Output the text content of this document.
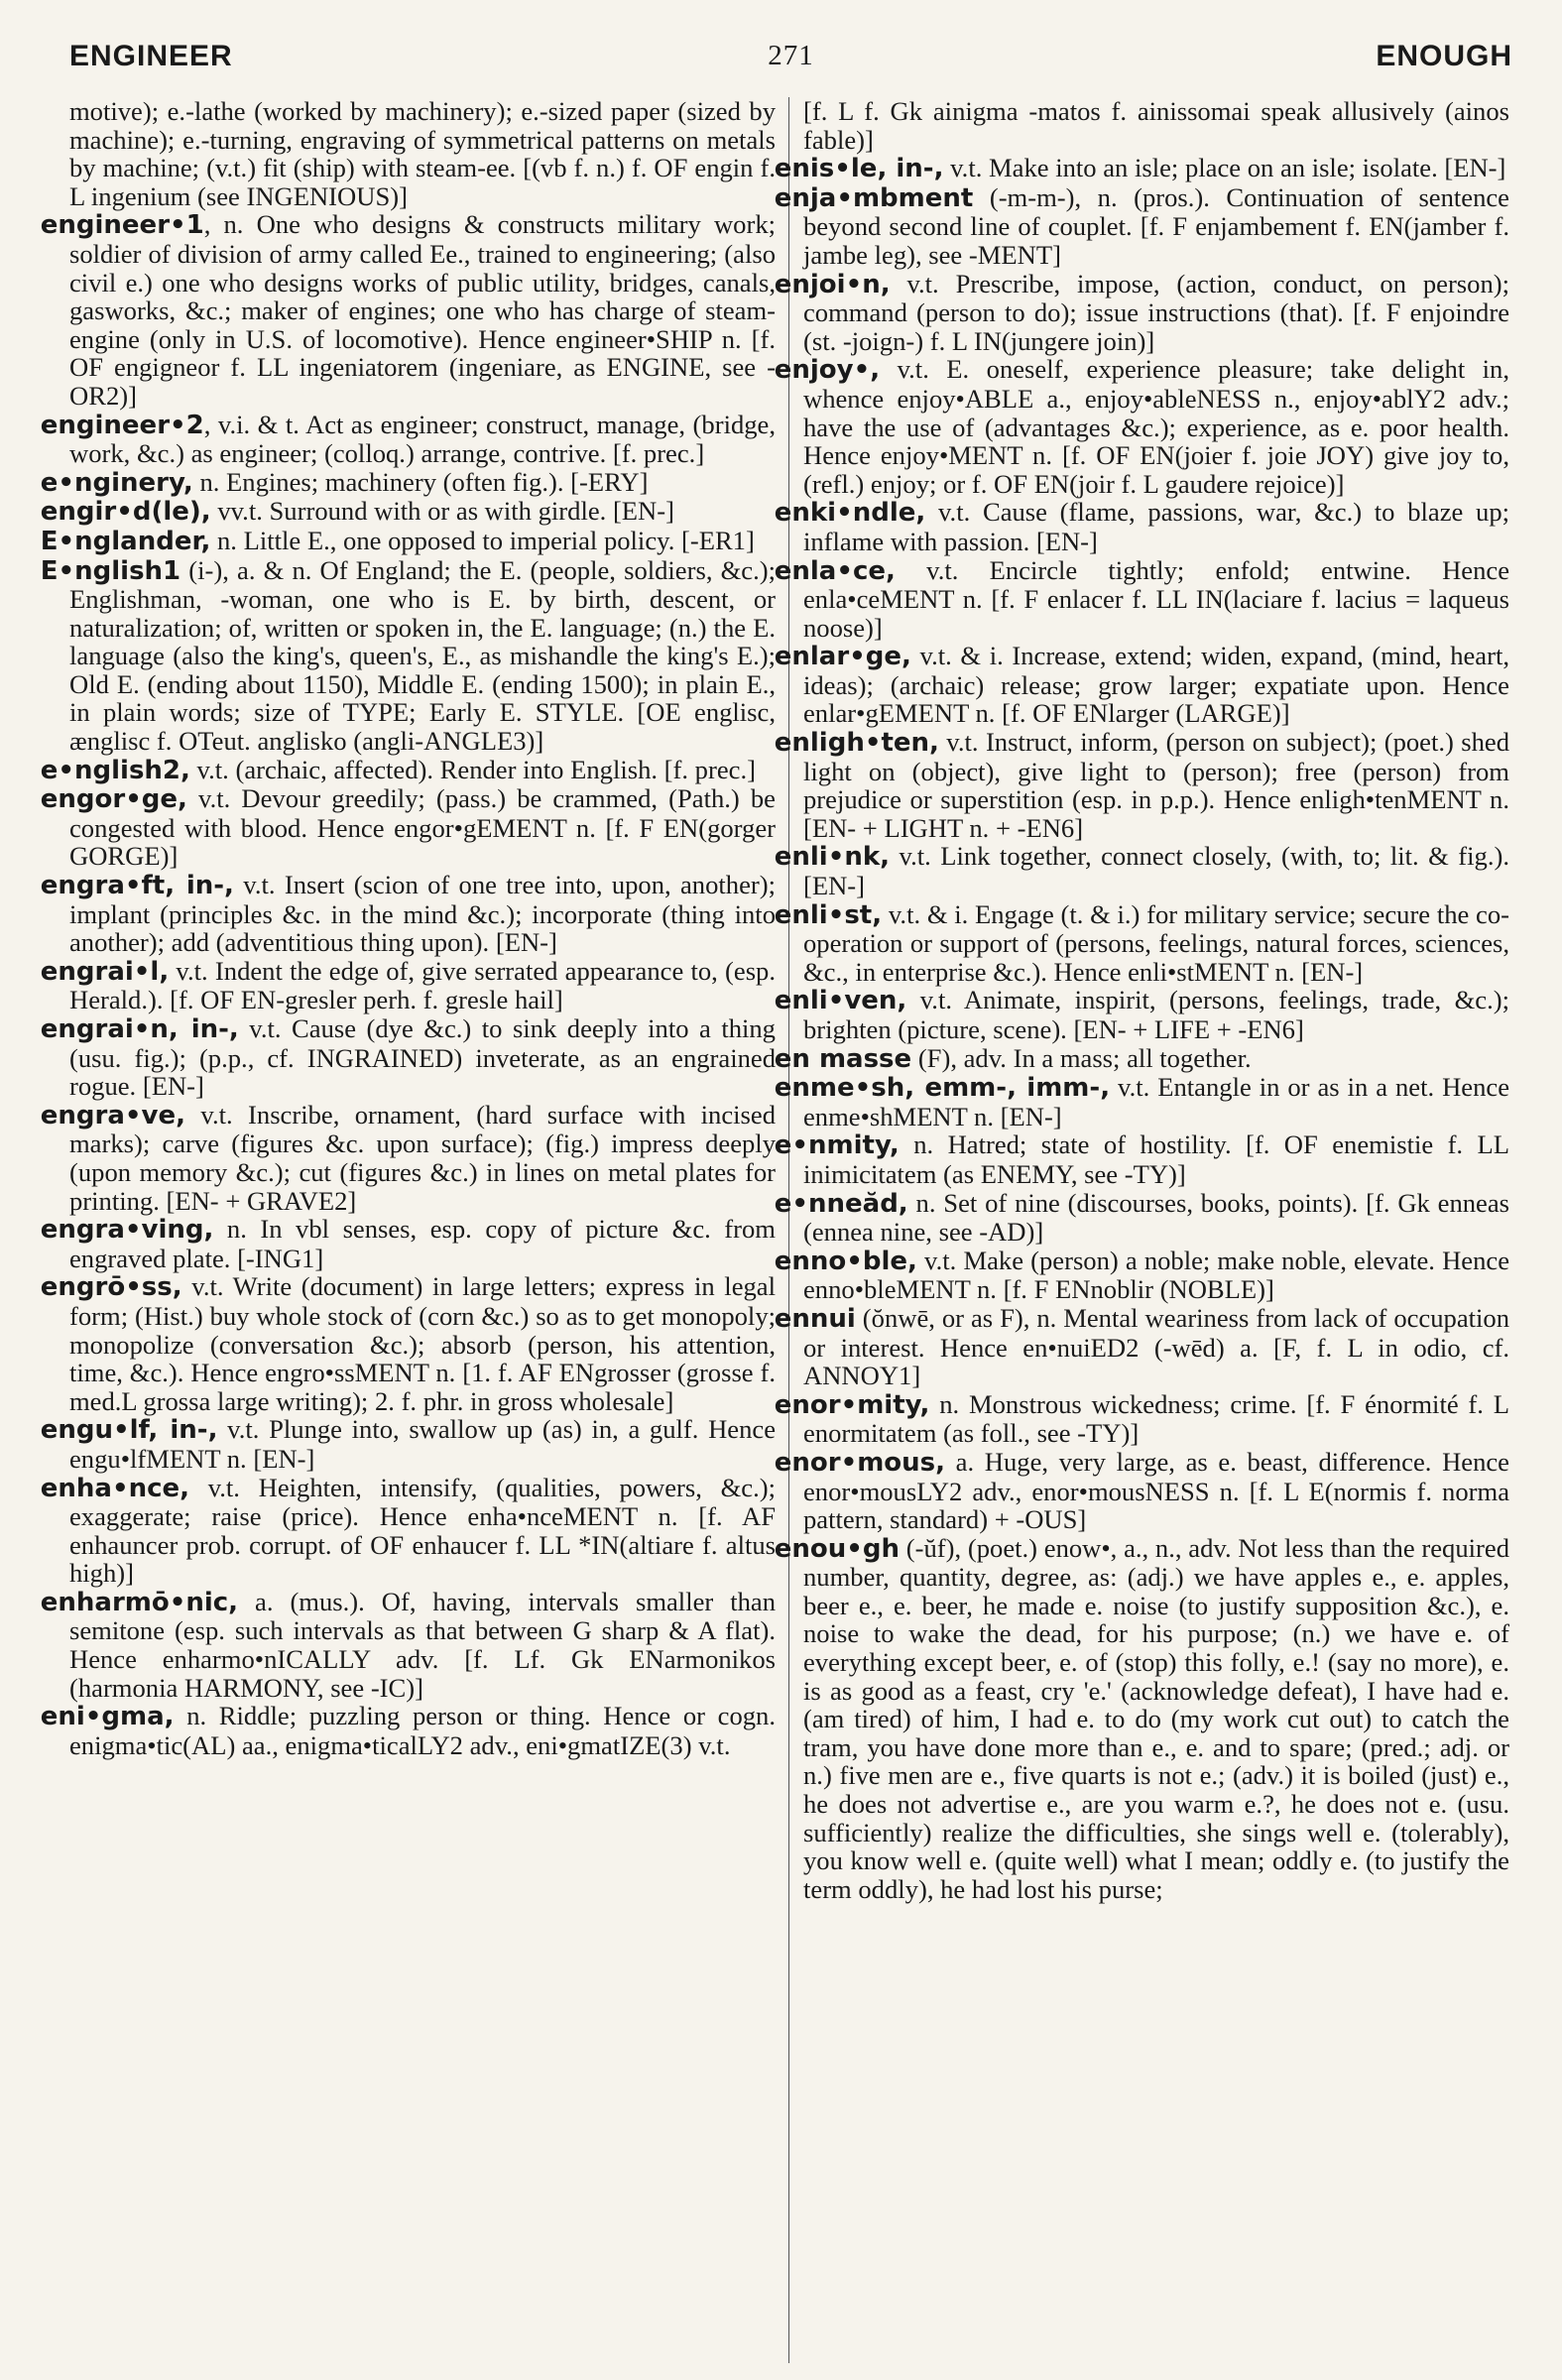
ENGINEER	271	ENOUGH

motive); e.-lathe (worked by machinery); e.-sized paper (sized by machine); e.-turning, engraving of symmetrical patterns on metals by machine; (v.t.) fit (ship) with steam-ee. [(vb f. n.) f. OF engin f. L ingenium (see INGENIOUS)]

engineer•1, n. One who designs & constructs military work; soldier of division of army called Ee., trained to engineering; (also civil e.) one who designs works of public utility, bridges, canals, gasworks, &c.; maker of engines; one who has charge of steam-engine (only in U.S. of locomotive). Hence engineer•SHIP n. [f. OF engigneor f. LL ingeniatorem (ingeniare, as ENGINE, see -OR2)]

engineer•2, v.i. & t. Act as engineer; construct, manage, (bridge, work, &c.) as engineer; (colloq.) arrange, contrive. [f. prec.]

e•nginery, n. Engines; machinery (often fig.). [-ERY]

engir•d(le), vv.t. Surround with or as with girdle. [EN-]

E•nglander, n. Little E., one opposed to imperial policy. [-ER1]

E•nglish1 (i-), a. & n. Of England; the E. (people, soldiers, &c.); Englishman, -woman, one who is E. by birth, descent, or naturalization; of, written or spoken in, the E. language; (n.) the E. language (also the king's, queen's, E., as mishandle the king's E.); Old E. (ending about 1150), Middle E. (ending 1500); in plain E., in plain words; size of TYPE; Early E. STYLE. [OE englisc, ænglisc f. OTeut. anglisko (angli-ANGLE3)]

e•nglish2, v.t. (archaic, affected). Render into English. [f. prec.]

engor•ge, v.t. Devour greedily; (pass.) be crammed, (Path.) be congested with blood. Hence engor•gEMENT n. [f. F EN(gorger GORGE)]

engra•ft, in-, v.t. Insert (scion of one tree into, upon, another); implant (principles &c. in the mind &c.); incorporate (thing into another); add (adventitious thing upon). [EN-]

engrai•l, v.t. Indent the edge of, give serrated appearance to, (esp. Herald.). [f. OF EN-gresler perh. f. gresle hail]

engrai•n, in-, v.t. Cause (dye &c.) to sink deeply into a thing (usu. fig.); (p.p., cf. INGRAINED) inveterate, as an engrained rogue. [EN-]

engra•ve, v.t. Inscribe, ornament, (hard surface with incised marks); carve (figures &c. upon surface); (fig.) impress deeply (upon memory &c.); cut (figures &c.) in lines on metal plates for printing. [EN- + GRAVE2]

engra•ving, n. In vbl senses, esp. copy of picture &c. from engraved plate. [-ING1]

engrō•ss, v.t. Write (document) in large letters; express in legal form; (Hist.) buy whole stock of (corn &c.) so as to get monopoly; monopolize (conversation &c.); absorb (person, his attention, time, &c.). Hence engro•ssMENT n. [1. f. AF ENgrosser (grosse f. med.L grossa large writing); 2. f. phr. in gross wholesale]

engu•lf, in-, v.t. Plunge into, swallow up (as) in, a gulf. Hence engu•lfMENT n. [EN-]

enha•nce, v.t. Heighten, intensify, (qualities, powers, &c.); exaggerate; raise (price). Hence enha•nceMENT n. [f. AF enhauncer prob. corrupt. of OF enhaucer f. LL *IN(altiare f. altus high)]

enharmō•nic, a. (mus.). Of, having, intervals smaller than semitone (esp. such intervals as that between G sharp & A flat). Hence enharmo•nICALLY adv. [f. Lf. Gk ENarmonikos (harmonia HARMONY, see -IC)]

eni•gma, n. Riddle; puzzling person or thing. Hence or cogn. enigma•tic(AL) aa., enigma•ticalLY2 adv., eni•gmatIZE(3) v.t.

[f. L f. Gk ainigma -matos f. ainissomai speak allusively (ainos fable)]

enis•le, in-, v.t. Make into an isle; place on an isle; isolate. [EN-]

enja•mbment (-m-m-), n. (pros.). Continuation of sentence beyond second line of couplet. [f. F enjambement f. EN(jamber f. jambe leg), see -MENT]

enjoi•n, v.t. Prescribe, impose, (action, conduct, on person); command (person to do); issue instructions (that). [f. F enjoindre (st. -joign-) f. L IN(jungere join)]

enjoy•, v.t. E. oneself, experience pleasure; take delight in, whence enjoy•ABLE a., enjoy•ableNESS n., enjoy•ablY2 adv.; have the use of (advantages &c.); experience, as e. poor health. Hence enjoy•MENT n. [f. OF EN(joier f. joie JOY) give joy to, (refl.) enjoy; or f. OF EN(joir f. L gaudere rejoice)]

enki•ndle, v.t. Cause (flame, passions, war, &c.) to blaze up; inflame with passion. [EN-]

enla•ce, v.t. Encircle tightly; enfold; entwine. Hence enla•ceMENT n. [f. F enlacer f. LL IN(laciare f. lacius = laqueus noose)]

enlar•ge, v.t. & i. Increase, extend; widen, expand, (mind, heart, ideas); (archaic) release; grow larger; expatiate upon. Hence enlar•gEMENT n. [f. OF ENlarger (LARGE)]

enligh•ten, v.t. Instruct, inform, (person on subject); (poet.) shed light on (object), give light to (person); free (person) from prejudice or superstition (esp. in p.p.). Hence enligh•tenMENT n. [EN- + LIGHT n. + -EN6]

enli•nk, v.t. Link together, connect closely, (with, to; lit. & fig.). [EN-]

enli•st, v.t. & i. Engage (t. & i.) for military service; secure the co-operation or support of (persons, feelings, natural forces, sciences, &c., in enterprise &c.). Hence enli•stMENT n. [EN-]

enli•ven, v.t. Animate, inspirit, (persons, feelings, trade, &c.); brighten (picture, scene). [EN- + LIFE + -EN6]

en masse (F), adv. In a mass; all together.

enme•sh, emm-, imm-, v.t. Entangle in or as in a net. Hence enme•shMENT n. [EN-]

e•nmity, n. Hatred; state of hostility. [f. OF enemistie f. LL inimicitatem (as ENEMY, see -TY)]

e•nneăd, n. Set of nine (discourses, books, points). [f. Gk enneas (ennea nine, see -AD)]

enno•ble, v.t. Make (person) a noble; make noble, elevate. Hence enno•bleMENT n. [f. F ENnoblir (NOBLE)]

ennui (ŏnwē, or as F), n. Mental weariness from lack of occupation or interest. Hence en•nuiED2 (-wēd) a. [F, f. L in odio, cf. ANNOY1]

enor•mity, n. Monstrous wickedness; crime. [f. F énormité f. L enormitatem (as foll., see -TY)]

enor•mous, a. Huge, very large, as e. beast, difference. Hence enor•mousLY2 adv., enor•mousNESS n. [f. L E(normis f. norma pattern, standard) + -OUS]

enou•gh (-ŭf), (poet.) enow•, a., n., adv. Not less than the required number, quantity, degree, as: (adj.) we have apples e., e. apples, beer e., e. beer, he made e. noise (to justify supposition &c.), e. noise to wake the dead, for his purpose; (n.) we have e. of everything except beer, e. of (stop) this folly, e.! (say no more), e. is as good as a feast, cry 'e.' (acknowledge defeat), I have had e. (am tired) of him, I had e. to do (my work cut out) to catch the tram, you have done more than e., e. and to spare; (pred.; adj. or n.) five men are e., five quarts is not e.; (adv.) it is boiled (just) e., he does not advertise e., are you warm e.?, he does not e. (usu. sufficiently) realize the difficulties, she sings well e. (tolerably), you know well e. (quite well) what I mean; oddly e. (to justify the term oddly), he had lost his purse;
